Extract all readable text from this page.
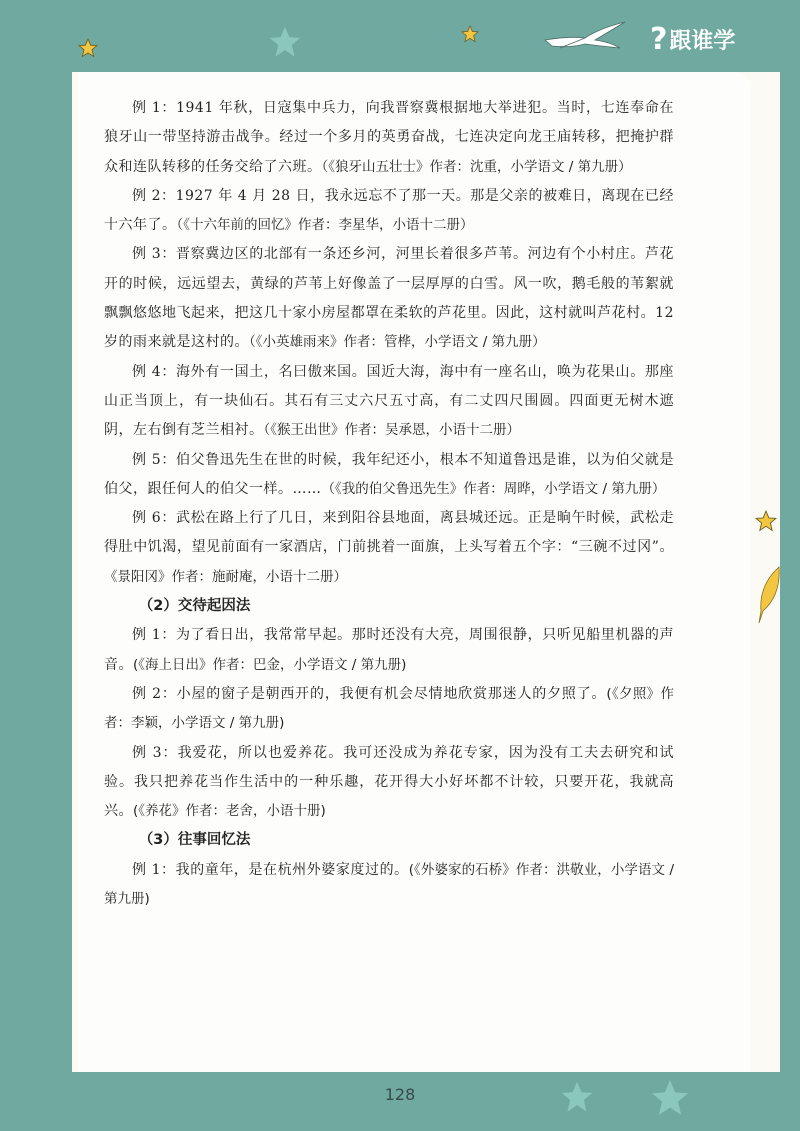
? 跟谁学

例 1：1941 年秋，日寇集中兵力，向我晋察冀根据地大举进犯。当时，七连奉命在狼牙山一带坚持游击战争。经过一个多月的英勇奋战，七连决定向龙王庙转移，把掩护群众和连队转移的任务交给了六班。（《狼牙山五壮士》作者：沈重，小学语文 / 第九册）

例 2：1927 年 4 月 28 日，我永远忘不了那一天。那是父亲的被难日，离现在已经十六年了。（《十六年前的回忆》作者：李星华，小语十二册）

例 3：晋察冀边区的北部有一条还乡河，河里长着很多芦苇。河边有个小村庄。芦花开的时候，远远望去，黄绿的芦苇上好像盖了一层厚厚的白雪。风一吹，鹅毛般的苇絮就飘飘悠悠地飞起来，把这几十家小房屋都罩在柔软的芦花里。因此，这村就叫芦花村。12 岁的雨来就是这村的。（《小英雄雨来》作者：管桦，小学语文 / 第九册）

例 4：海外有一国土，名曰傲来国。国近大海，海中有一座名山，唤为花果山。那座山正当顶上，有一块仙石。其石有三丈六尺五寸高，有二丈四尺围圆。四面更无树木遮阴，左右倒有芝兰相衬。（《猴王出世》作者：吴承恩，小语十二册）

例 5：伯父鲁迅先生在世的时候，我年纪还小，根本不知道鲁迅是谁，以为伯父就是伯父，跟任何人的伯父一样。……（《我的伯父鲁迅先生》作者：周晔，小学语文 / 第九册）

例 6：武松在路上行了几日，来到阳谷县地面，离县城还远。正是晌午时候，武松走得肚中饥渴，望见前面有一家酒店，门前挑着一面旗，上头写着五个字：“三碗不过冈”。《景阳冈》作者：施耐庵，小语十二册）

（2）交待起因法

例 1：为了看日出，我常常早起。那时还没有大亮，周围很静，只听见船里机器的声音。(《海上日出》作者：巴金，小学语文 / 第九册)

例 2：小屋的窗子是朝西开的，我便有机会尽情地欣赏那迷人的夕照了。(《夕照》作者：李颖，小学语文 / 第九册)

例 3：我爱花，所以也爱养花。我可还没成为养花专家，因为没有工夫去研究和试验。我只把养花当作生活中的一种乐趣，花开得大小好坏都不计较，只要开花，我就高兴。(《养花》作者：老舍，小语十册)

（3）往事回忆法

例 1：我的童年，是在杭州外婆家度过的。(《外婆家的石桥》作者：洪敬业，小学语文 / 第九册)

128
